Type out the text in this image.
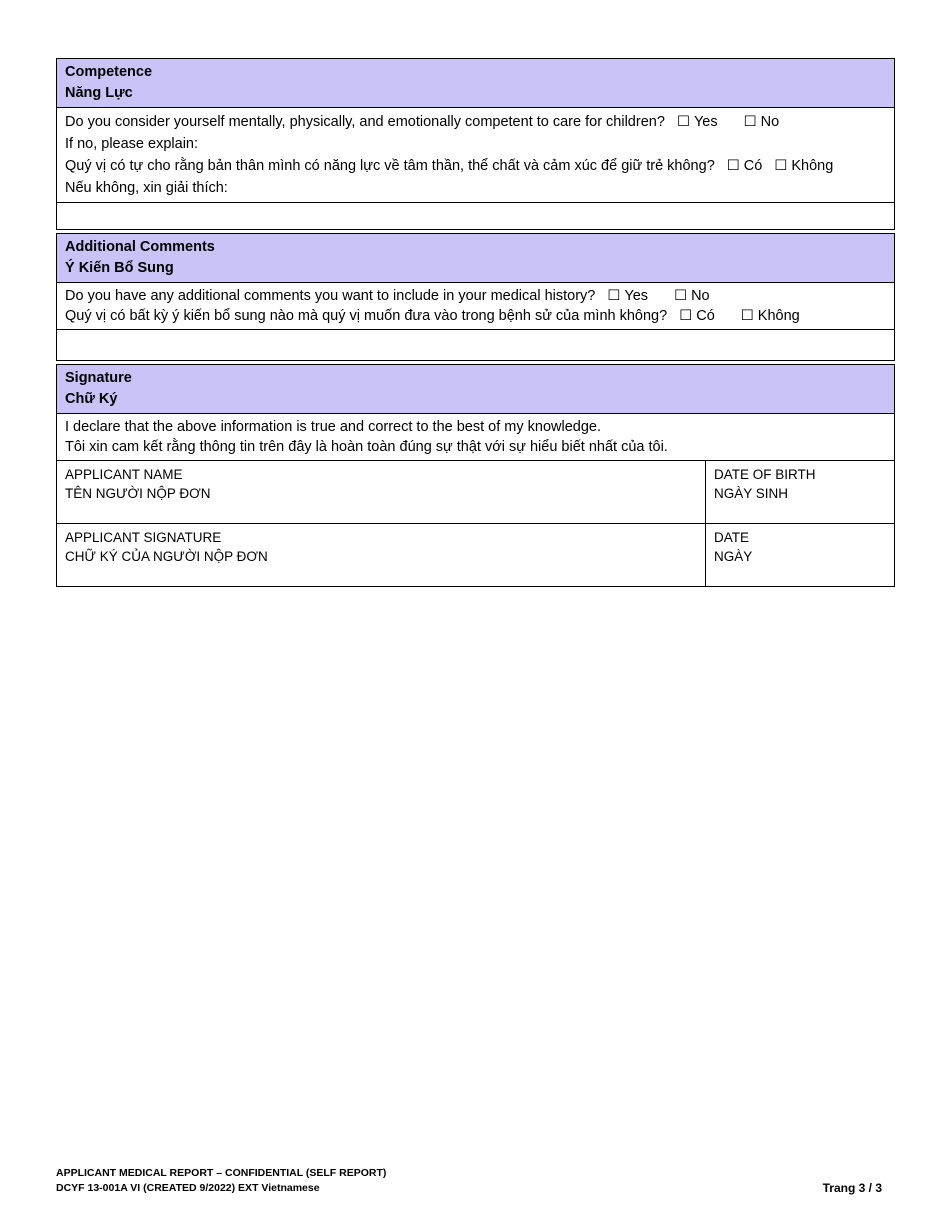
Competence
Năng Lực
Do you consider yourself mentally, physically, and emotionally competent to care for children? ☐ Yes ☐ No
If no, please explain:
Quý vị có tự cho rằng bản thân mình có năng lực về tâm thần, thể chất và cảm xúc để giữ trẻ không? ☐ Có ☐ Không
Nếu không, xin giải thích:
Additional Comments
Ý Kiến Bổ Sung
Do you have any additional comments you want to include in your medical history? ☐ Yes ☐ No
Quý vị có bất kỳ ý kiến bổ sung nào mà quý vị muốn đưa vào trong bệnh sử của mình không? ☐ Có ☐ Không
Signature
Chữ Ký
I declare that the above information is true and correct to the best of my knowledge.
Tôi xin cam kết rằng thông tin trên đây là hoàn toàn đúng sự thật với sự hiểu biết nhất của tôi.
APPLICANT NAME
TÊN NGƯỜI NỘP ĐƠN
DATE OF BIRTH
NGÀY SINH
APPLICANT SIGNATURE
CHỮ KÝ CỦA NGƯỜI NỘP ĐƠN
DATE
NGÀY
APPLICANT MEDICAL REPORT – CONFIDENTIAL (SELF REPORT)
DCYF 13-001A VI (CREATED 9/2022) EXT Vietnamese	Trang 3 / 3
